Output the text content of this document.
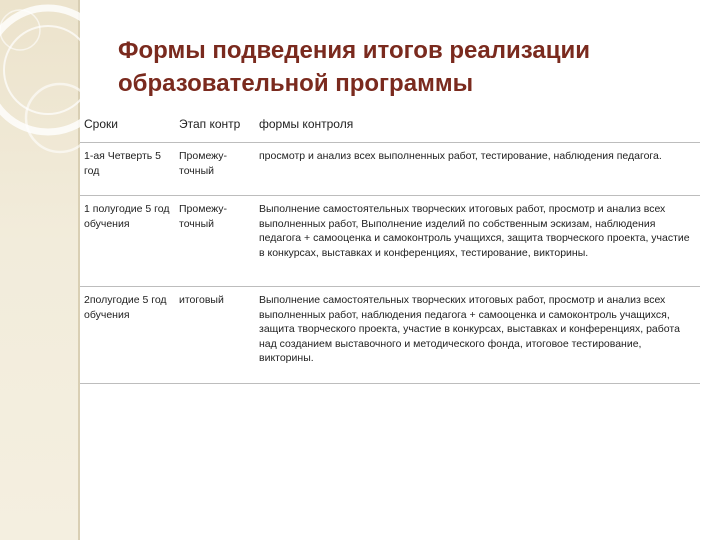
Формы подведения итогов реализации
образовательной программы
Сроки	Этап контр	формы контроля
1-ая Четверть 5 год	Промежу-точный	просмотр и анализ всех выполненных работ, тестирование, наблюдения педагога.
1 полугодие 5 год обучения	Промежу-точный	Выполнение самостоятельных творческих итоговых работ, просмотр и анализ всех выполненных работ, Выполнение изделий по собственным эскизам, наблюдения педагога + самооценка и самоконтроль учащихся, защита творческого проекта, участие в конкурсах, выставках и конференциях, тестирование, викторины.
2полугодие 5 год обучения	итоговый	Выполнение самостоятельных творческих итоговых работ, просмотр и анализ всех выполненных работ, наблюдения педагога + самооценка и самоконтроль учащихся, защита творческого проекта, участие в конкурсах, выставках и конференциях, работа над созданием выставочного и методического фонда, итоговое тестирование, викторины.
